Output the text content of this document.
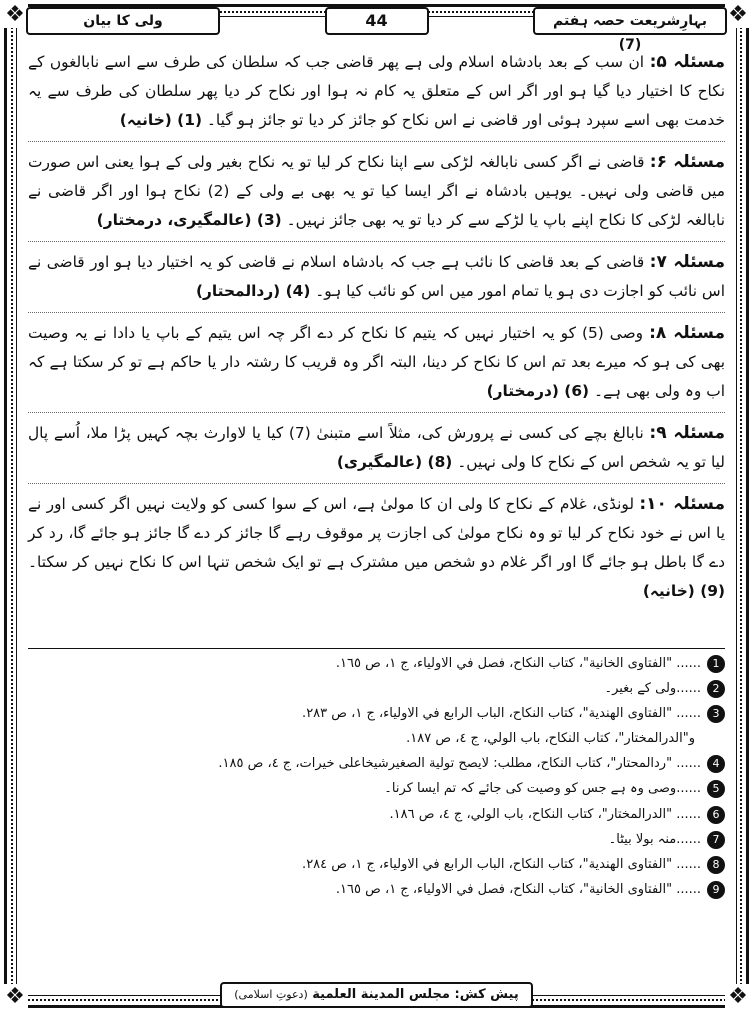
❖	❖
❖	❖
بہارِشریعت حصہ ہفتم (7)
44
ولی کا بیان

مسئلہ ۵: ان سب کے بعد بادشاہ اسلام ولی ہے پھر قاضی جب کہ سلطان کی طرف سے اسے نابالغوں کے نکاح کا اختیار دیا گیا ہو اور اگر اس کے متعلق یہ کام نہ ہوا اور نکاح کر دیا پھر سلطان کی طرف سے یہ خدمت بھی اسے سپرد ہوئی اور قاضی نے اس نکاح کو جائز کر دیا تو جائز ہو گیا۔ (1) (خانیہ)

مسئلہ ۶: قاضی نے اگر کسی نابالغہ لڑکی سے اپنا نکاح کر لیا تو یہ نکاح بغیر ولی کے ہوا یعنی اس صورت میں قاضی ولی نہیں۔ یوہیں بادشاہ نے اگر ایسا کیا تو یہ بھی بے ولی کے (2) نکاح ہوا اور اگر قاضی نے نابالغہ لڑکی کا نکاح اپنے باپ یا لڑکے سے کر دیا تو یہ بھی جائز نہیں۔ (3) (عالمگیری، درمختار)

مسئلہ ۷: قاضی کے بعد قاضی کا نائب ہے جب کہ بادشاہ اسلام نے قاضی کو یہ اختیار دیا ہو اور قاضی نے اس نائب کو اجازت دی ہو یا تمام امور میں اس کو نائب کیا ہو۔ (4) (ردالمحتار)

مسئلہ ۸: وصی (5) کو یہ اختیار نہیں کہ یتیم کا نکاح کر دے اگر چہ اس یتیم کے باپ یا دادا نے یہ وصیت بھی کی ہو کہ میرے بعد تم اس کا نکاح کر دینا، البتہ اگر وہ قریب کا رشتہ دار یا حاکم ہے تو کر سکتا ہے کہ اب وہ ولی بھی ہے۔ (6) (درمختار)

مسئلہ ۹: نابالغ بچے کی کسی نے پرورش کی، مثلاً اسے متبنیٰ (7) کیا یا لاوارث بچہ کہیں پڑا ملا، اُسے پال لیا تو یہ شخص اس کے نکاح کا ولی نہیں۔ (8) (عالمگیری)

مسئلہ ۱۰: لونڈی، غلام کے نکاح کا ولی ان کا مولیٰ ہے، اس کے سوا کسی کو ولایت نہیں اگر کسی اور نے یا اس نے خود نکاح کر لیا تو وہ نکاح مولیٰ کی اجازت پر موقوف رہے گا جائز کر دے گا جائز ہو جائے گا، رد کر دے گا باطل ہو جائے گا اور اگر غلام دو شخص میں مشترک ہے تو ایک شخص تنہا اس کا نکاح نہیں کر سکتا۔ (9) (خانیہ)

1
...... "الفتاوی الخانية"، كتاب النكاح، فصل في الاولياء، ج ١، ص ١٦٥.
2
......ولی کے بغیر۔
3
...... "الفتاوی الهندية"، كتاب النكاح، الباب الرابع في الاولياء، ج ١، ص ٢٨٣.
و"الدرالمختار"، كتاب النكاح، باب الولي، ج ٤، ص ١٨٧.
4
...... "ردالمحتار"، كتاب النكاح، مطلب: لايصح تولية الصغيرشيخاعلى خيرات، ج ٤، ص ١٨٥.
5
......وصی وہ ہے جس کو وصیت کی جائے کہ تم ایسا کرنا۔
6
...... "الدرالمختار"، كتاب النكاح، باب الولي، ج ٤، ص ١٨٦.
7
......منہ بولا بیٹا۔
8
...... "الفتاوی الهندية"، كتاب النكاح، الباب الرابع في الاولياء، ج ١، ص ٢٨٤.
9
...... "الفتاوی الخانية"، كتاب النكاح، فصل في الاولياء، ج ١، ص ١٦٥.
پیش کش: مجلس المدينة العلمية (دعوتِ اسلامی)
